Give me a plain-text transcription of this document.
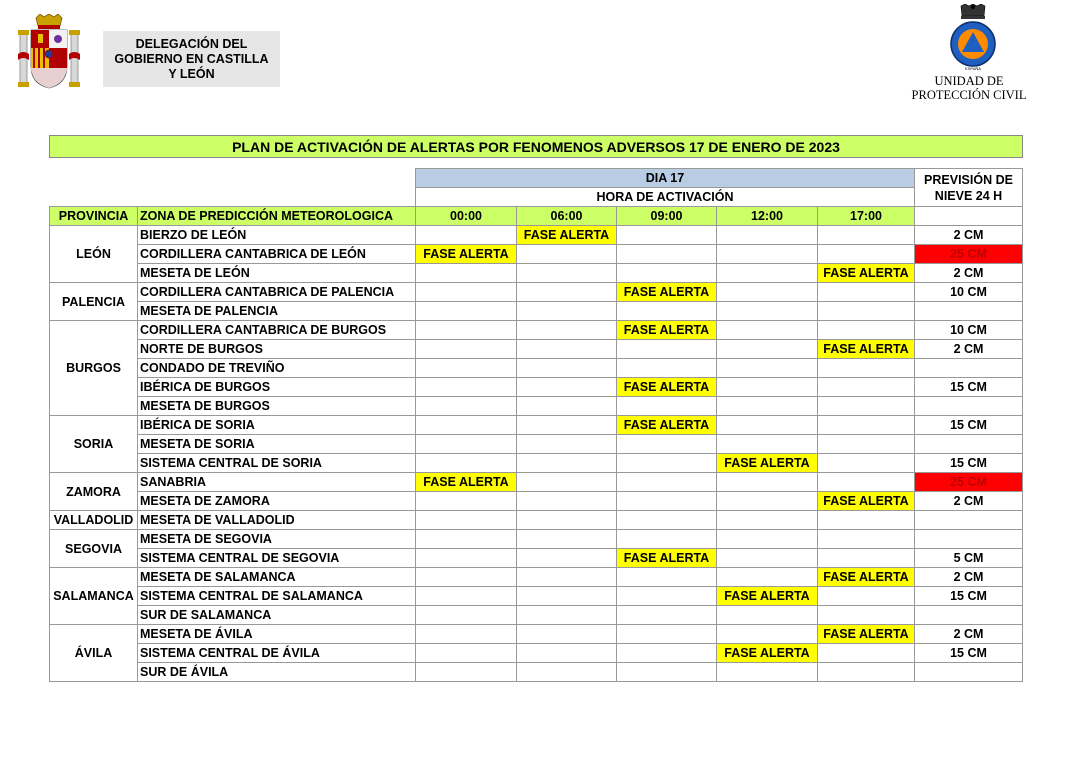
DELEGACIÓN DEL
GOBIERNO EN CASTILLA
Y LEÓN	ESPAÑA
UNIDAD DE
PROTECCIÓN CIVIL
PLAN DE ACTIVACIÓN DE ALERTAS POR FENOMENOS ADVERSOS 17 DE ENERO DE 2023							

		DIA 17					PREVISIÓN DE NIEVE 24 H
		HORA DE ACTIVACIÓN					
PROVINCIA	ZONA DE PREDICCIÓN METEOROLOGICA	00:00	06:00	09:00	12:00	17:00	
LEÓN	BIERZO DE LEÓN		FASE ALERTA				2 CM
	CORDILLERA CANTABRICA DE LEÓN	FASE ALERTA					25 CM
	MESETA DE LEÓN					FASE ALERTA	2 CM
PALENCIA	CORDILLERA CANTABRICA DE PALENCIA			FASE ALERTA			10 CM
	MESETA DE PALENCIA						
BURGOS	CORDILLERA CANTABRICA DE BURGOS			FASE ALERTA			10 CM
	NORTE DE BURGOS					FASE ALERTA	2 CM
	CONDADO DE TREVIÑO						
	IBÉRICA DE BURGOS			FASE ALERTA			15 CM
	MESETA DE BURGOS						
SORIA	IBÉRICA DE SORIA			FASE ALERTA			15 CM
	MESETA DE SORIA						
	SISTEMA CENTRAL DE SORIA				FASE ALERTA		15 CM
ZAMORA	SANABRIA	FASE ALERTA					25 CM
	MESETA DE ZAMORA					FASE ALERTA	2 CM
VALLADOLID	MESETA DE VALLADOLID						
SEGOVIA	MESETA DE SEGOVIA						
	SISTEMA CENTRAL DE SEGOVIA			FASE ALERTA			5 CM
SALAMANCA	MESETA DE SALAMANCA					FASE ALERTA	2 CM
	SISTEMA CENTRAL DE SALAMANCA				FASE ALERTA		15 CM
	SUR DE SALAMANCA						
ÁVILA	MESETA DE ÁVILA					FASE ALERTA	2 CM
	SISTEMA CENTRAL DE ÁVILA				FASE ALERTA		15 CM
	SUR DE ÁVILA						
